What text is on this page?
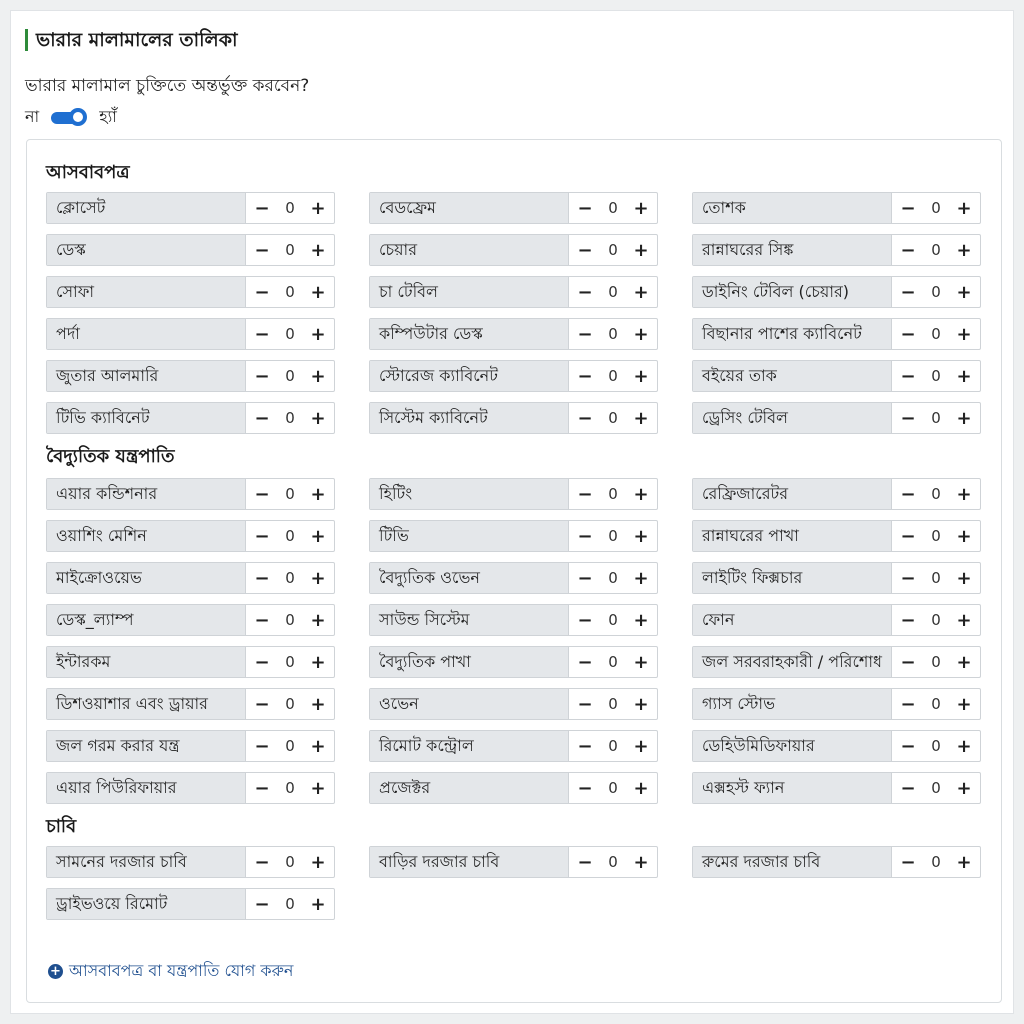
ভারার মালামালের তালিকা
ভারার মালামাল চুক্তিতে অন্তর্ভুক্ত করবেন?
না	হ্যাঁ
আসবাবপত্র
ক্লোসেট	− 0 +	বেডফ্রেম	− 0 +	তোশক	− 0 +
ডেস্ক	− 0 +	চেয়ার	− 0 +	রান্নাঘরের সিঙ্ক	− 0 +
সোফা	− 0 +	চা টেবিল	− 0 +	ডাইনিং টেবিল (চেয়ার)	− 0 +
পর্দা	− 0 +	কম্পিউটার ডেস্ক	− 0 +	বিছানার পাশের ক্যাবিনেট	− 0 +
জুতার আলমারি	− 0 +	স্টোরেজ ক্যাবিনেট	− 0 +	বইয়ের তাক	− 0 +
টিভি ক্যাবিনেট	− 0 +	সিস্টেম ক্যাবিনেট	− 0 +	ড্রেসিং টেবিল	− 0 +
বৈদ্যুতিক যন্ত্রপাতি
এয়ার কন্ডিশনার	− 0 +	হিটিং	− 0 +	রেফ্রিজারেটর	− 0 +
ওয়াশিং মেশিন	− 0 +	টিভি	− 0 +	রান্নাঘরের পাখা	− 0 +
মাইক্রোওয়েভ	− 0 +	বৈদ্যুতিক ওভেন	− 0 +	লাইটিং ফিক্সচার	− 0 +
ডেস্ক_ল্যাম্প	− 0 +	সাউন্ড সিস্টেম	− 0 +	ফোন	− 0 +
ইন্টারকম	− 0 +	বৈদ্যুতিক পাখা	− 0 +	জল সরবরাহকারী / পরিশোধ	− 0 +
ডিশওয়াশার এবং ড্রায়ার	− 0 +	ওভেন	− 0 +	গ্যাস স্টোভ	− 0 +
জল গরম করার যন্ত্র	− 0 +	রিমোট কন্ট্রোল	− 0 +	ডেহিউমিডিফায়ার	− 0 +
এয়ার পিউরিফায়ার	− 0 +	প্রজেক্টর	− 0 +	এক্সহস্ট ফ্যান	− 0 +
চাবি
সামনের দরজার চাবি	− 0 +	বাড়ির দরজার চাবি	− 0 +	রুমের দরজার চাবি	− 0 +
ড্রাইভওয়ে রিমোট	− 0 +
+ আসবাবপত্র বা যন্ত্রপাতি যোগ করুন
